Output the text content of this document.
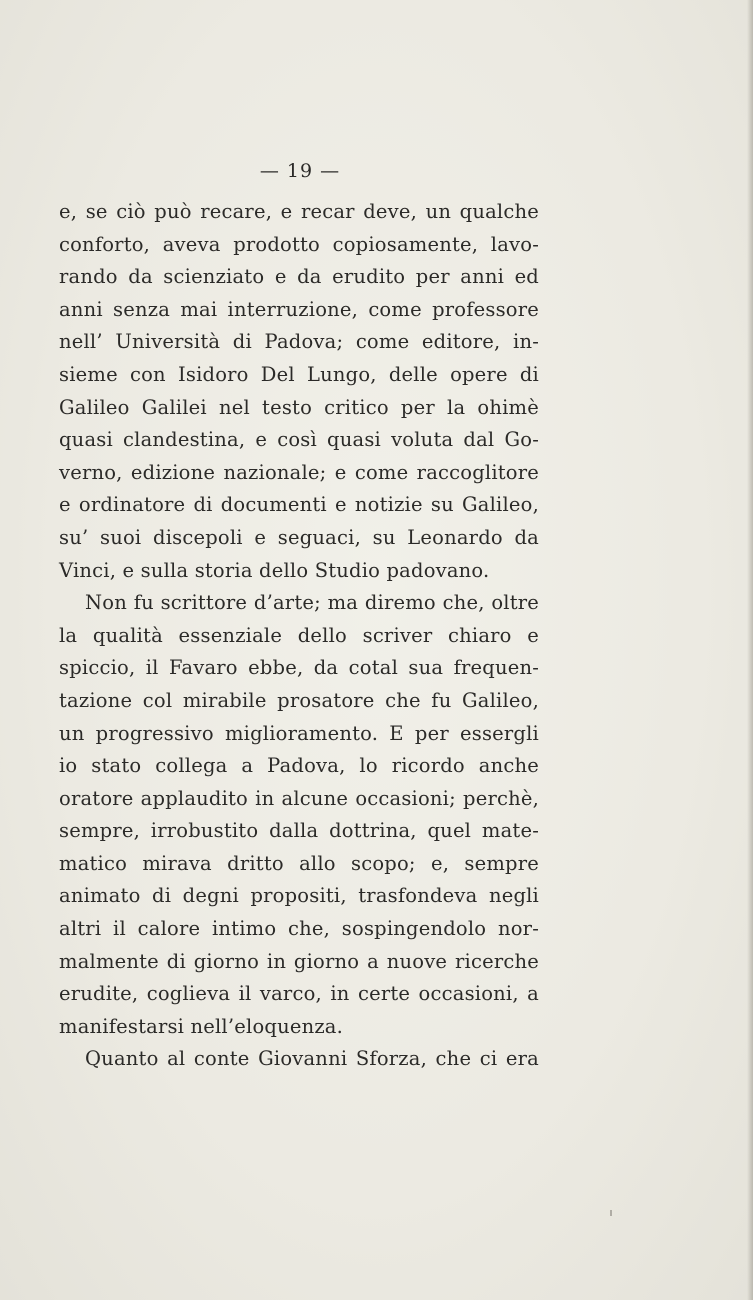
— 19 —
e, se ciò può recare, e recar deve, un qualche
conforto, aveva prodotto copiosamente, lavo-
rando da scienziato e da erudito per anni ed
anni senza mai interruzione, come professore
nell’ Università di Padova; come editore, in-
sieme con Isidoro Del Lungo, delle opere di
Galileo Galilei nel testo critico per la ohimè
quasi clandestina, e così quasi voluta dal Go-
verno, edizione nazionale; e come raccoglitore
e ordinatore di documenti e notizie su Galileo,
su’ suoi discepoli e seguaci, su Leonardo da
Vinci, e sulla storia dello Studio padovano.
Non fu scrittore d’arte; ma diremo che, oltre
la qualità essenziale dello scriver chiaro e
spiccio, il Favaro ebbe, da cotal sua frequen-
tazione col mirabile prosatore che fu Galileo,
un progressivo miglioramento. E per essergli
io stato collega a Padova, lo ricordo anche
oratore applaudito in alcune occasioni; perchè,
sempre, irrobustito dalla dottrina, quel mate-
matico mirava dritto allo scopo; e, sempre
animato di degni propositi, trasfondeva negli
altri il calore intimo che, sospingendolo nor-
malmente di giorno in giorno a nuove ricerche
erudite, coglieva il varco, in certe occasioni, a
manifestarsi nell’eloquenza.
Quanto al conte Giovanni Sforza, che ci era
